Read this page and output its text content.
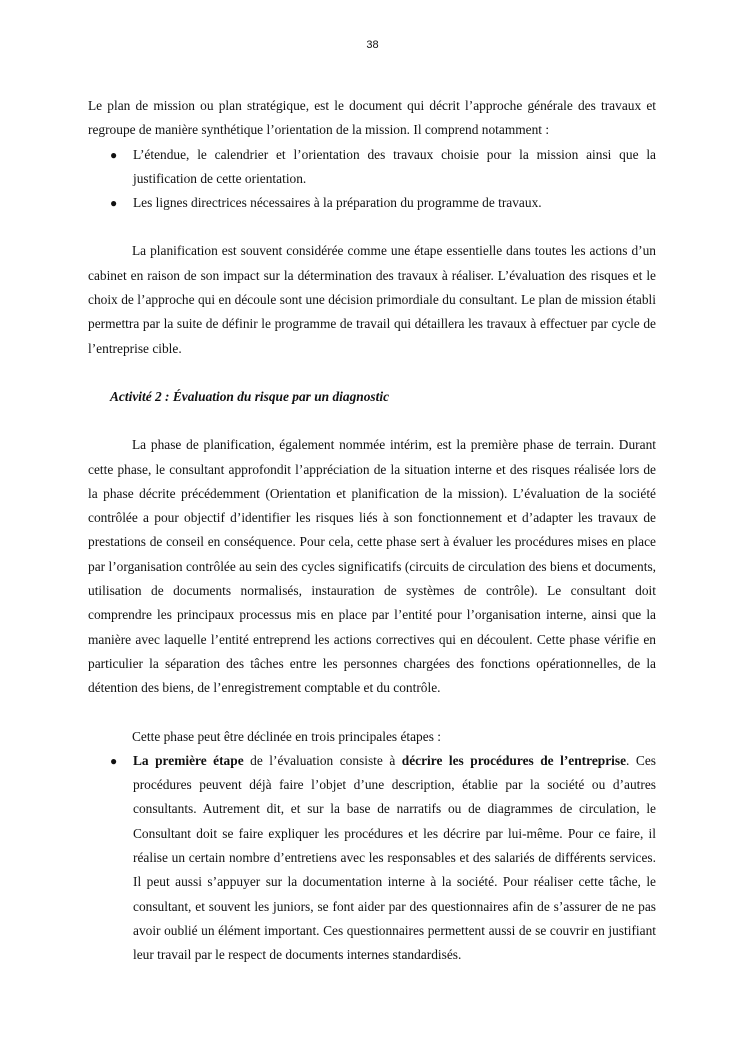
38

Le plan de mission ou plan stratégique, est le document qui décrit l’approche générale des travaux et regroupe de manière synthétique l’orientation de la mission. Il comprend notamment :

● L’étendue, le calendrier et l’orientation des travaux choisie pour la mission ainsi que la justification de cette orientation.
● Les lignes directrices nécessaires à la préparation du programme de travaux.

La planification est souvent considérée comme une étape essentielle dans toutes les actions d’un cabinet en raison de son impact sur la détermination des travaux à réaliser. L’évaluation des risques et le choix de l’approche qui en découle sont une décision primordiale du consultant. Le plan de mission établi permettra par la suite de définir le programme de travail qui détaillera les travaux à effectuer par cycle de l’entreprise cible.

Activité 2 : Évaluation du risque par un diagnostic

La phase de planification, également nommée intérim, est la première phase de terrain. Durant cette phase, le consultant approfondit l’appréciation de la situation interne et des risques réalisée lors de la phase décrite précédemment (Orientation et planification de la mission). L’évaluation de la société contrôlée a pour objectif d’identifier les risques liés à son fonctionnement et d’adapter les travaux de prestations de conseil en conséquence. Pour cela, cette phase sert à évaluer les procédures mises en place par l’organisation contrôlée au sein des cycles significatifs (circuits de circulation des biens et documents, utilisation de documents normalisés, instauration de systèmes de contrôle). Le consultant doit comprendre les principaux processus mis en place par l’entité pour l’organisation interne, ainsi que la manière avec laquelle l’entité entreprend les actions correctives qui en découlent. Cette phase vérifie en particulier la séparation des tâches entre les personnes chargées des fonctions opérationnelles, de la détention des biens, de l’enregistrement comptable et du contrôle.

Cette phase peut être déclinée en trois principales étapes :

● La première étape de l’évaluation consiste à décrire les procédures de l’entreprise. Ces procédures peuvent déjà faire l’objet d’une description, établie par la société ou d’autres consultants. Autrement dit, et sur la base de narratifs ou de diagrammes de circulation, le Consultant doit se faire expliquer les procédures et les décrire par lui-même. Pour ce faire, il réalise un certain nombre d’entretiens avec les responsables et des salariés de différents services. Il peut aussi s’appuyer sur la documentation interne à la société. Pour réaliser cette tâche, le consultant, et souvent les juniors, se font aider par des questionnaires afin de s’assurer de ne pas avoir oublié un élément important. Ces questionnaires permettent aussi de se couvrir en justifiant leur travail par le respect de documents internes standardisés.
